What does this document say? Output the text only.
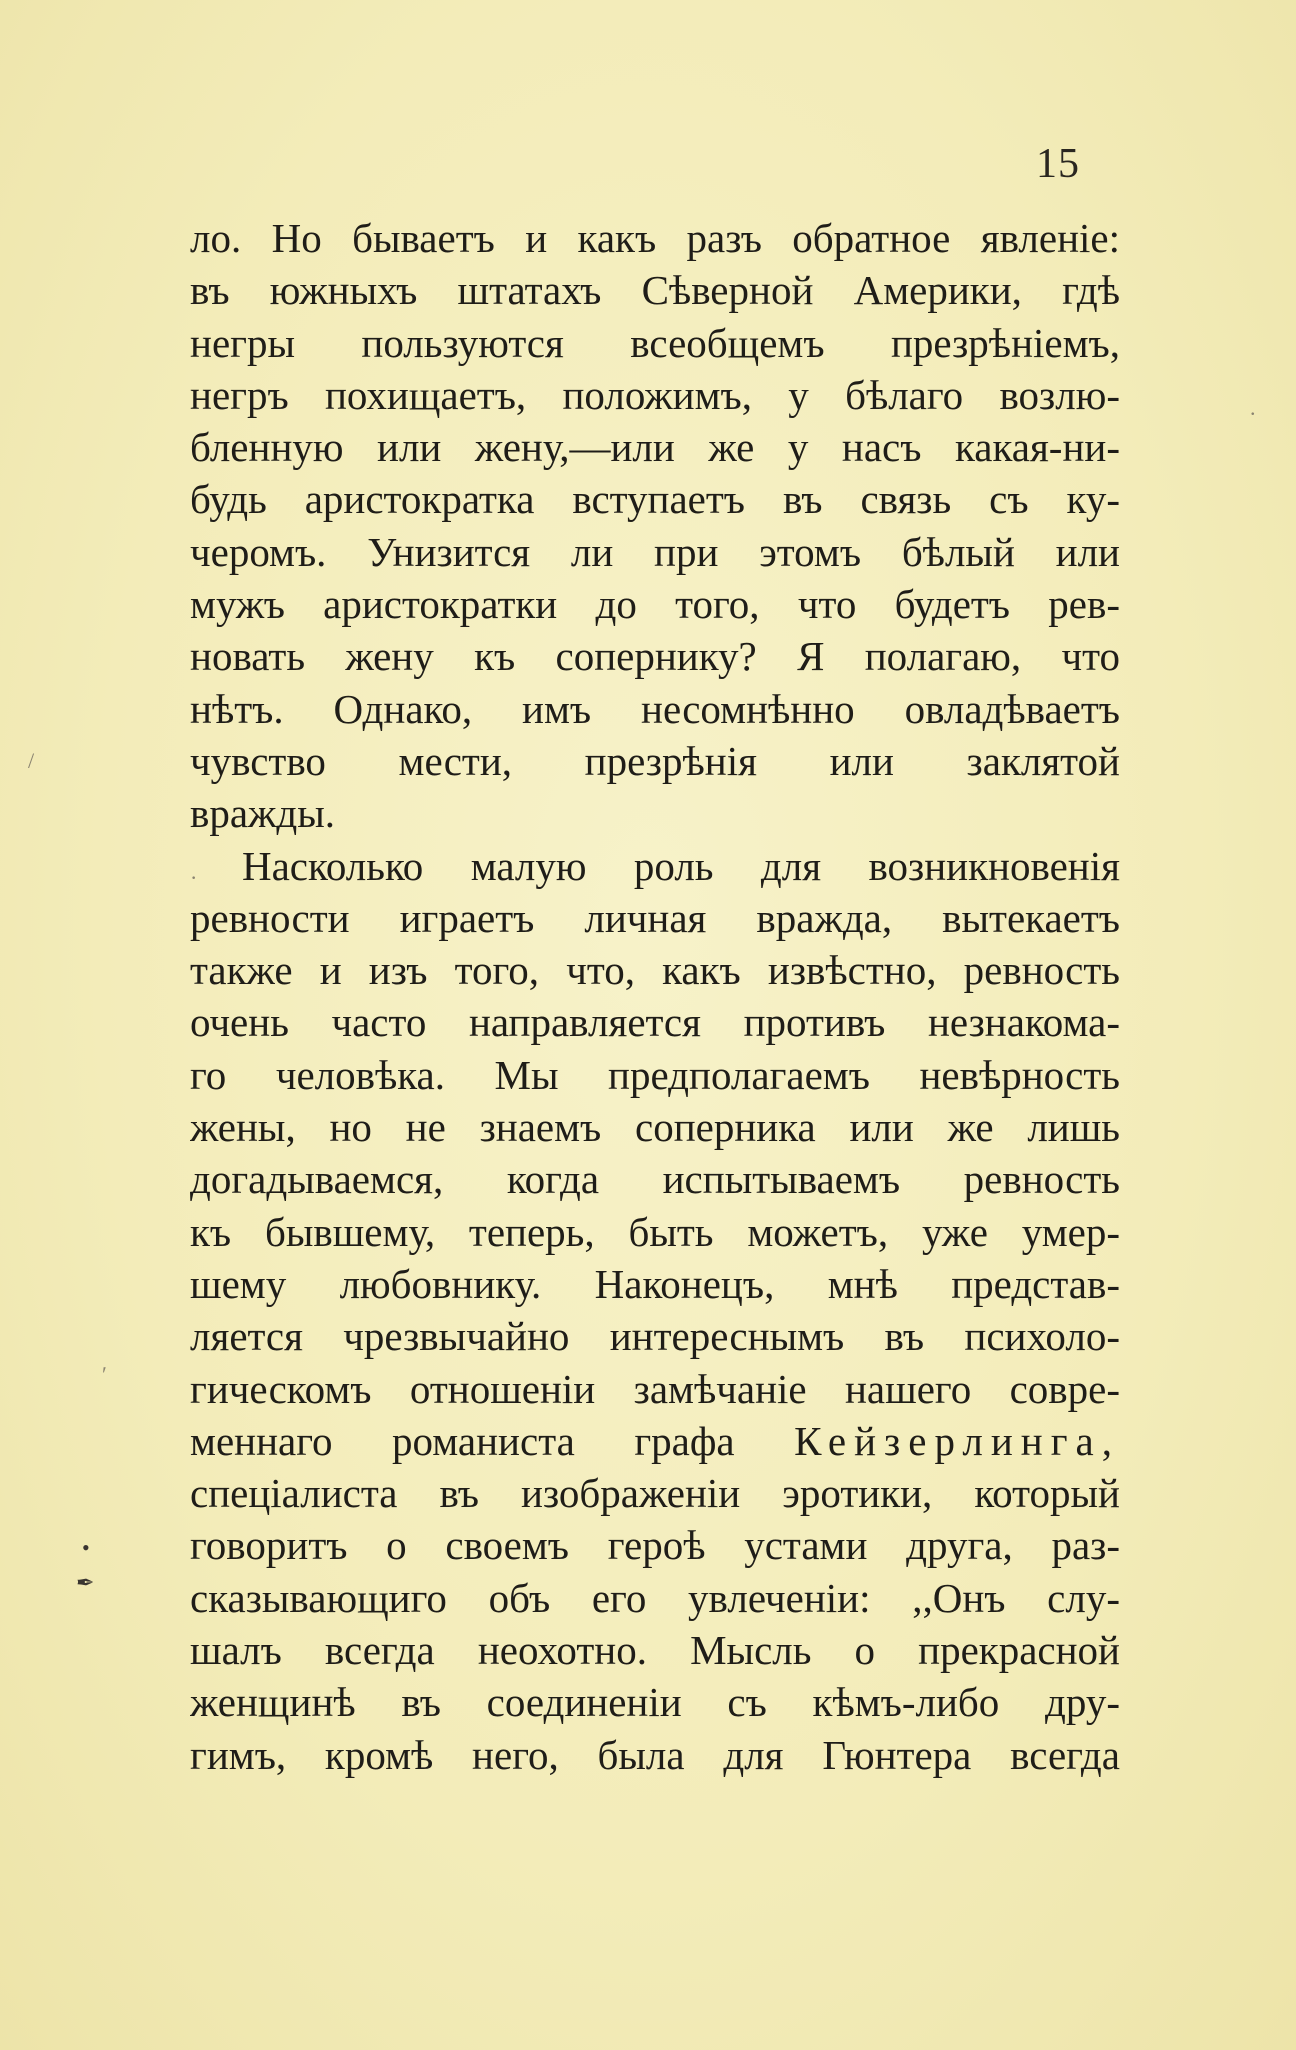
15
ло. Но бываетъ и какъ разъ обратное явленіе:
въ южныхъ штатахъ Сѣверной Америки, гдѣ
негры пользуются всеобщемъ презрѣніемъ,
негръ похищаетъ, положимъ, у бѣлаго возлю-
бленную или жену,—или же у насъ какая-ни-
будь аристократка вступаетъ въ связь съ ку-
черомъ. Унизится ли при этомъ бѣлый или
мужъ аристократки до того, что будетъ рев-
новать жену къ сопернику? Я полагаю, что
нѣтъ. Однако, имъ несомнѣнно овладѣваетъ
чувство мести, презрѣнія или заклятой
вражды.
Насколько малую роль для возникновенія
ревности играетъ личная вражда, вытекаетъ
также и изъ того, что, какъ извѣстно, ревность
очень часто направляется противъ незнакома-
го человѣка. Мы предполагаемъ невѣрность
жены, но не знаемъ соперника или же лишь
догадываемся, когда испытываемъ ревность
къ бывшему, теперь, быть можетъ, уже умер-
шему любовнику. Наконецъ, мнѣ представ-
ляется чрезвычайно интереснымъ въ психоло-
гическомъ отношеніи замѣчаніе нашего совре-
меннаго романиста графа Кейзерлинга,
спеціалиста въ изображеніи эротики, который
говоритъ о своемъ героѣ устами друга, раз-
сказывающиго объ его увлеченіи: ,,Онъ слу-
шалъ всегда неохотно. Мысль о прекрасной
женщинѣ въ соединеніи съ кѣмъ-либо дру-
гимъ, кромѣ него, была для Гюнтера всегда
.
/
·
ʹ
•
✒
